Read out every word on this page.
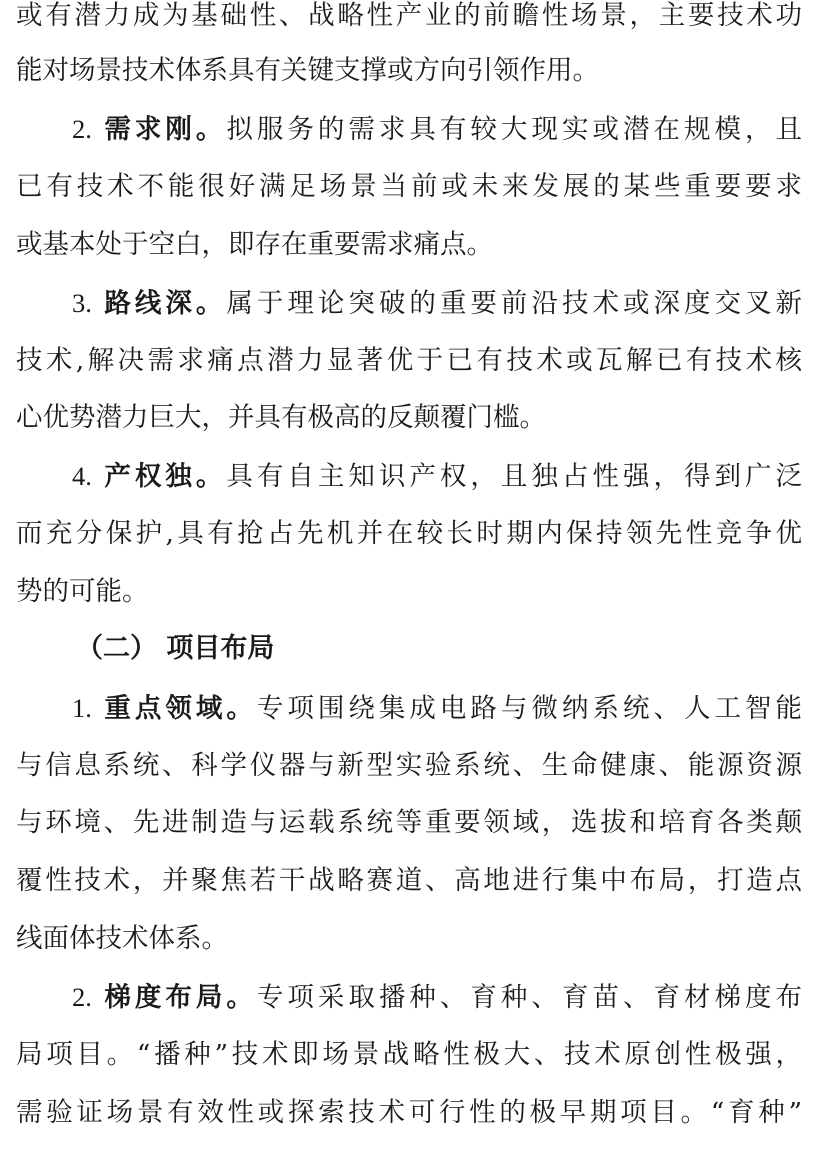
或有潜力成为基础性、战略性产业的前瞻性场景，主要技术功
能对场景技术体系具有关键支撑或方向引领作用。
2. 需求刚。拟服务的需求具有较大现实或潜在规模，且
已有技术不能很好满足场景当前或未来发展的某些重要要求
或基本处于空白，即存在重要需求痛点。
3. 路线深。属于理论突破的重要前沿技术或深度交叉新
技术,解决需求痛点潜力显著优于已有技术或瓦解已有技术核
心优势潜力巨大，并具有极高的反颠覆门槛。
4. 产权独。具有自主知识产权，且独占性强，得到广泛
而充分保护,具有抢占先机并在较长时期内保持领先性竞争优
势的可能。
（二） 项目布局
1. 重点领域。专项围绕集成电路与微纳系统、人工智能
与信息系统、科学仪器与新型实验系统、生命健康、能源资源
与环境、先进制造与运载系统等重要领域，选拔和培育各类颠
覆性技术，并聚焦若干战略赛道、高地进行集中布局，打造点
线面体技术体系。
2. 梯度布局。专项采取播种、育种、育苗、育材梯度布
局项目。“播种”技术即场景战略性极大、技术原创性极强，
需验证场景有效性或探索技术可行性的极早期项目。“育种”
